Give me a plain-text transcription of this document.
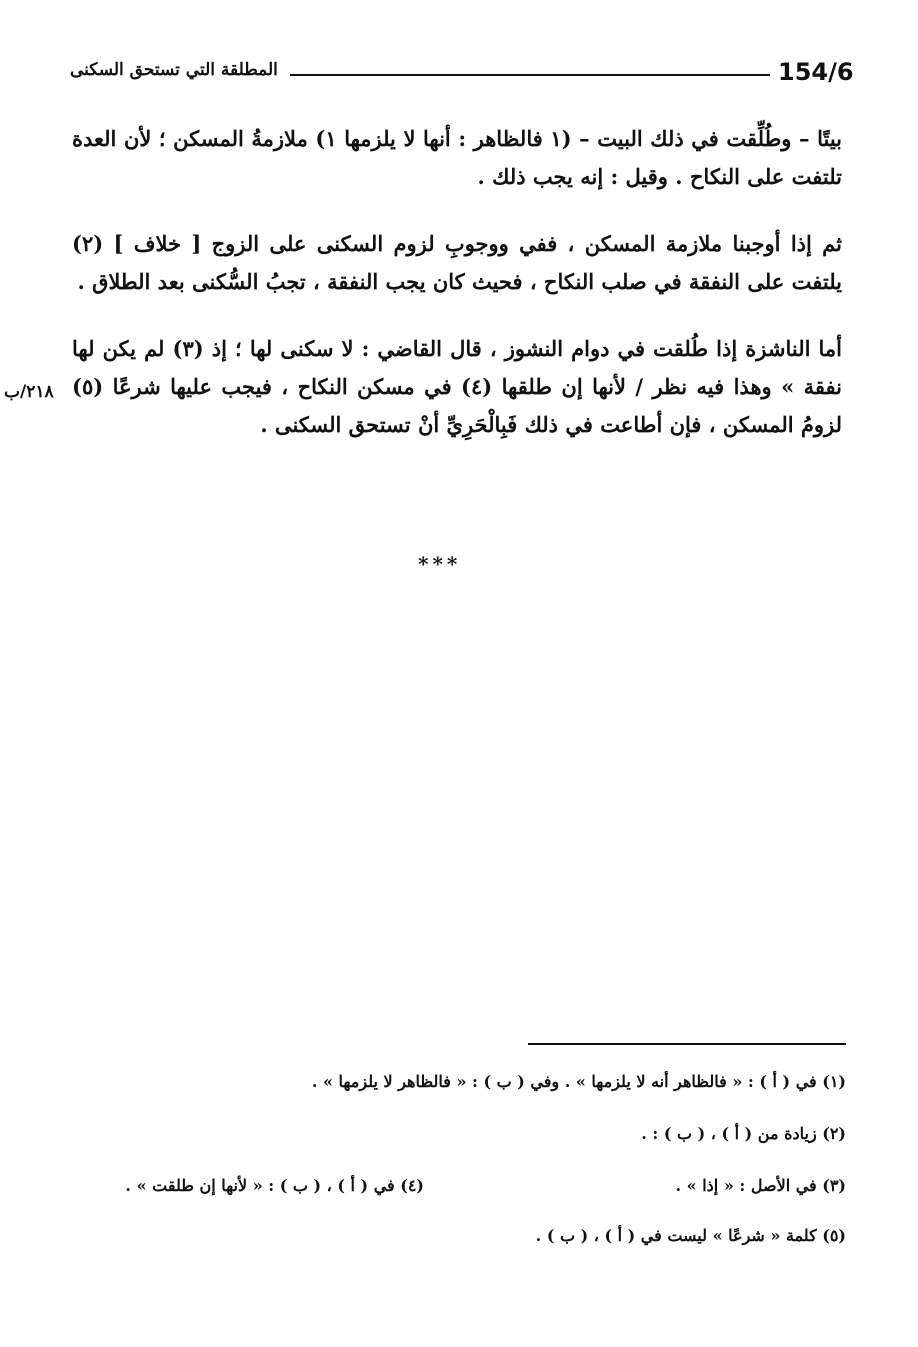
154/6
المطلقة التي تستحق السكنى

بيتًا – وطُلِّقت في ذلك البيت – (١ فالظاهر : أنها لا يلزمها ١) ملازمةُ المسكن ؛ لأن العدة تلتفت على النكاح . وقيل : إنه يجب ذلك .

ثم إذا أوجبنا ملازمة المسكن ، ففي ووجوبِ لزوم السكنى على الزوج [ خلاف ] (٢) يلتفت على النفقة في صلب النكاح ، فحيث كان يجب النفقة ، تجبُ السُّكنى بعد الطلاق .

أما الناشزة إذا طُلقت في دوام النشوز ، قال القاضي : لا سكنى لها ؛ إذ (٣) لم يكن لها نفقة » وهذا فيه نظر / لأنها إن طلقها (٤) في مسكن النكاح ، فيجب عليها شرعًا (٥) لزومُ المسكن ، فإن أطاعت في ذلك فَبِالْحَرِيِّ أنْ تستحق السكنى .

٢١٨/ب
***
(١) في ( أ ) : « فالظاهر أنه لا يلزمها » . وفي ( ب ) : « فالظاهر لا يلزمها » .
(٢) زيادة من ( أ ) ، ( ب ) : .
(٣) في الأصل : « إذا » .
(٤) في ( أ ) ، ( ب ) : « لأنها إن طلقت » .
(٥) كلمة « شرعًا » ليست في ( أ ) ، ( ب ) .
